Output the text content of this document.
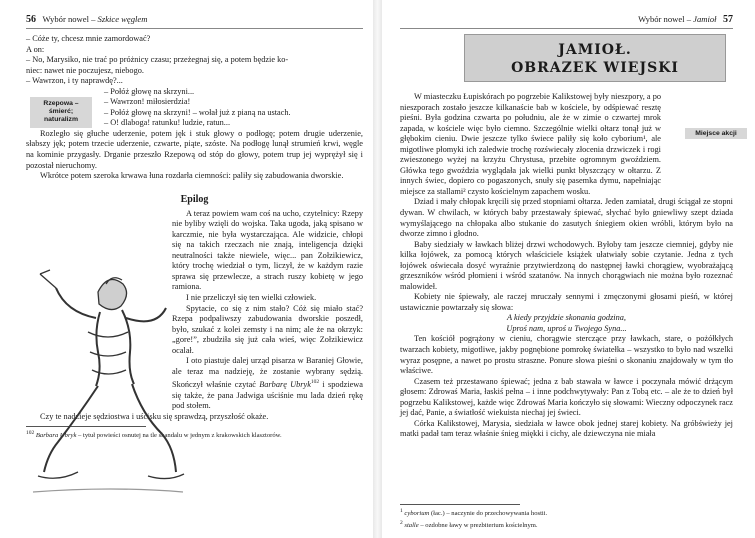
56 Wybór nowel – Szkice węglem

– Cóże ty, chcesz mnie zamordować?

A on:

– No, Marysiko, nie trać po próżnicy czasu; przeżegnaj się, a potem będzie ko-

niec: nawet nie poczujesz, niebogo.

– Wawrzon, i ty naprawdę?...

Rzepowa – śmierć; naturalizm

– Połóż głowę na skrzyni...

– Wawrzon! miłosierdzia!

– Połóż głowę na skrzyni! – wołał już z pianą na ustach.

– O! dlaboga! ratunku! ludzie, ratun...

Rozległo się głuche uderzenie, potem jęk i stuk głowy o podłogę; potem drugie uderzenie, słabszy jęk; potem trzecie uderzenie, czwarte, piąte, szóste. Na podłogę lunął strumień krwi, węgle na kominie przygasły. Drganie przeszło Rzepową od stóp do głowy, potem trup jej wyprężył się i pozostał nieruchomy.

Wkrótce potem szeroka krwawa łuna rozdarła ciemności: paliły się zabudowania dworskie.

Epilog

A teraz powiem wam coś na ucho, czytelnicy: Rzepy nie byliby wzięli do wojska. Taka ugoda, jaką spisano w karczmie, nie była wystarczająca. Ale widzicie, chłopi się na takich rzeczach nie znają, inteligencja dzięki neutralności także niewiele, więc... pan Zołzikiewicz, który trochę wiedział o tym, liczył, że w każdym razie sprawa się przewlecze, a strach ruszy kobietę w jego ramiona.

I nie przeliczył się ten wielki człowiek.

Spytacie, co się z nim stało? Cóż się miało stać? Rzepa podpaliwszy zabudowania dworskie poszedł, było, szukać z kolei zemsty i na nim; ale że na okrzyk: „gore!”, zbudziła się już cała wieś, więc Zołzikiewicz ocalał.

I oto piastuje dalej urząd pisarza w Baraniej Głowie, ale teraz ma nadzieję, że zostanie wybrany sędzią. Skończył właśnie czytać Barbarę Ubryk$^{102}$ i spodziewa się także, że pana Jadwiga uściśnie mu lada dzień rękę pod stołem.

Czy te nadzieje sędziostwa i uścisku się sprawdzą, przyszłość okaże.

$^{102}$ Barbara Ubryk – tytuł powieści osnutej na tle skandalu w jednym z krakowskich klasztorów.

Wybór nowel – Jamioł 57
JAMIOŁ.
OBRAZEK WIEJSKI
Miejsce akcji

W miasteczku Łupiskórach po pogrzebie Kalikstowej były nieszpory, a po nieszporach zostało jeszcze kilkanaście bab w kościele, by odśpiewać resztę pieśni. Była godzina czwarta po południu, ale że w zimie o czwartej mrok zapada, w kościele więc było ciemno. Szczególnie wielki ołtarz tonął już w głębokim cieniu. Dwie jeszcze tylko świece paliły się koło cyborium¹, ale migotliwe płomyki ich zaledwie trochę rozświecały złocenia drzwiczek i rogi zwieszonego wyżej na krzyżu Chrystusa, przebite ogromnym gwoździem. Główka tego gwoździa wyglądała jak wielki punkt błyszczący w ołtarzu. Z innych świec, dopiero co pogaszonych, snuły się pasemka dymu, napełniając miejsce za stallami² czysto kościelnym zapachem wosku.

Dziad i mały chłopak kręcili się przed stopniami ołtarza. Jeden zamiatał, drugi ściągał ze stopni dywan. W chwilach, w których baby przestawały śpiewać, słychać było gniewliwy szept dziada wymyślającego na chłopaka albo stukanie do zasutych śniegiem okien wróbli, którym było na dworze zimno i głodno.

Baby siedziały w ławkach bliżej drzwi wchodowych. Byłoby tam jeszcze ciemniej, gdyby nie kilka łojówek, za pomocą których właściciele książek ułatwiały sobie czytanie. Jedna z tych łojówek oświecała dosyć wyraźnie przytwierdzoną do następnej ławki chorągiew, wyobrażającą grzeszników wśród płomieni i wśród szatanów. Na innych chorągwiach nie można było rozeznać malowideł.

Kobiety nie śpiewały, ale raczej mruczały sennymi i zmęczonymi głosami pieśń, w której ustawicznie powtarzały się słowa:

A kiedy przyjdzie skonania godzina,

Uproś nam, uproś u Twojego Syna...

Ten kościół pogrążony w cieniu, chorągwie sterczące przy ławkach, stare, o pożółkłych twarzach kobiety, migotliwe, jakby pognębione pomrokę światełka – wszystko to było nad wszelki wyraz posępne, a nawet po prostu straszne. Ponure słowa pieśni o skonaniu znajdowały w tym tło właściwe.

Czasem też przestawano śpiewać; jedna z bab stawała w ławce i poczynała mówić drżącym głosem: Zdrowaś Maria, łaskiś pełna – i inne podchwytywały: Pan z Tobą etc. – ale że to dzień był pogrzebu Kalikstowej, każde więc Zdrowaś Maria kończyło się słowami: Wieczny odpoczynek racz jej dać, Panie, a światłość wiekuista niechaj jej świeci.

Córka Kalikstowej, Marysia, siedziała w ławce obok jednej starej kobiety. Na gróbświeży jej matki padał tam teraz właśnie śnieg miękki i cichy, ale dziewczyna nie miała

$^1$ cyborium (łac.) – naczynie do przechowywania hostii.

$^2$ stalle – ozdobne ławy w prezbiterium kościelnym.
